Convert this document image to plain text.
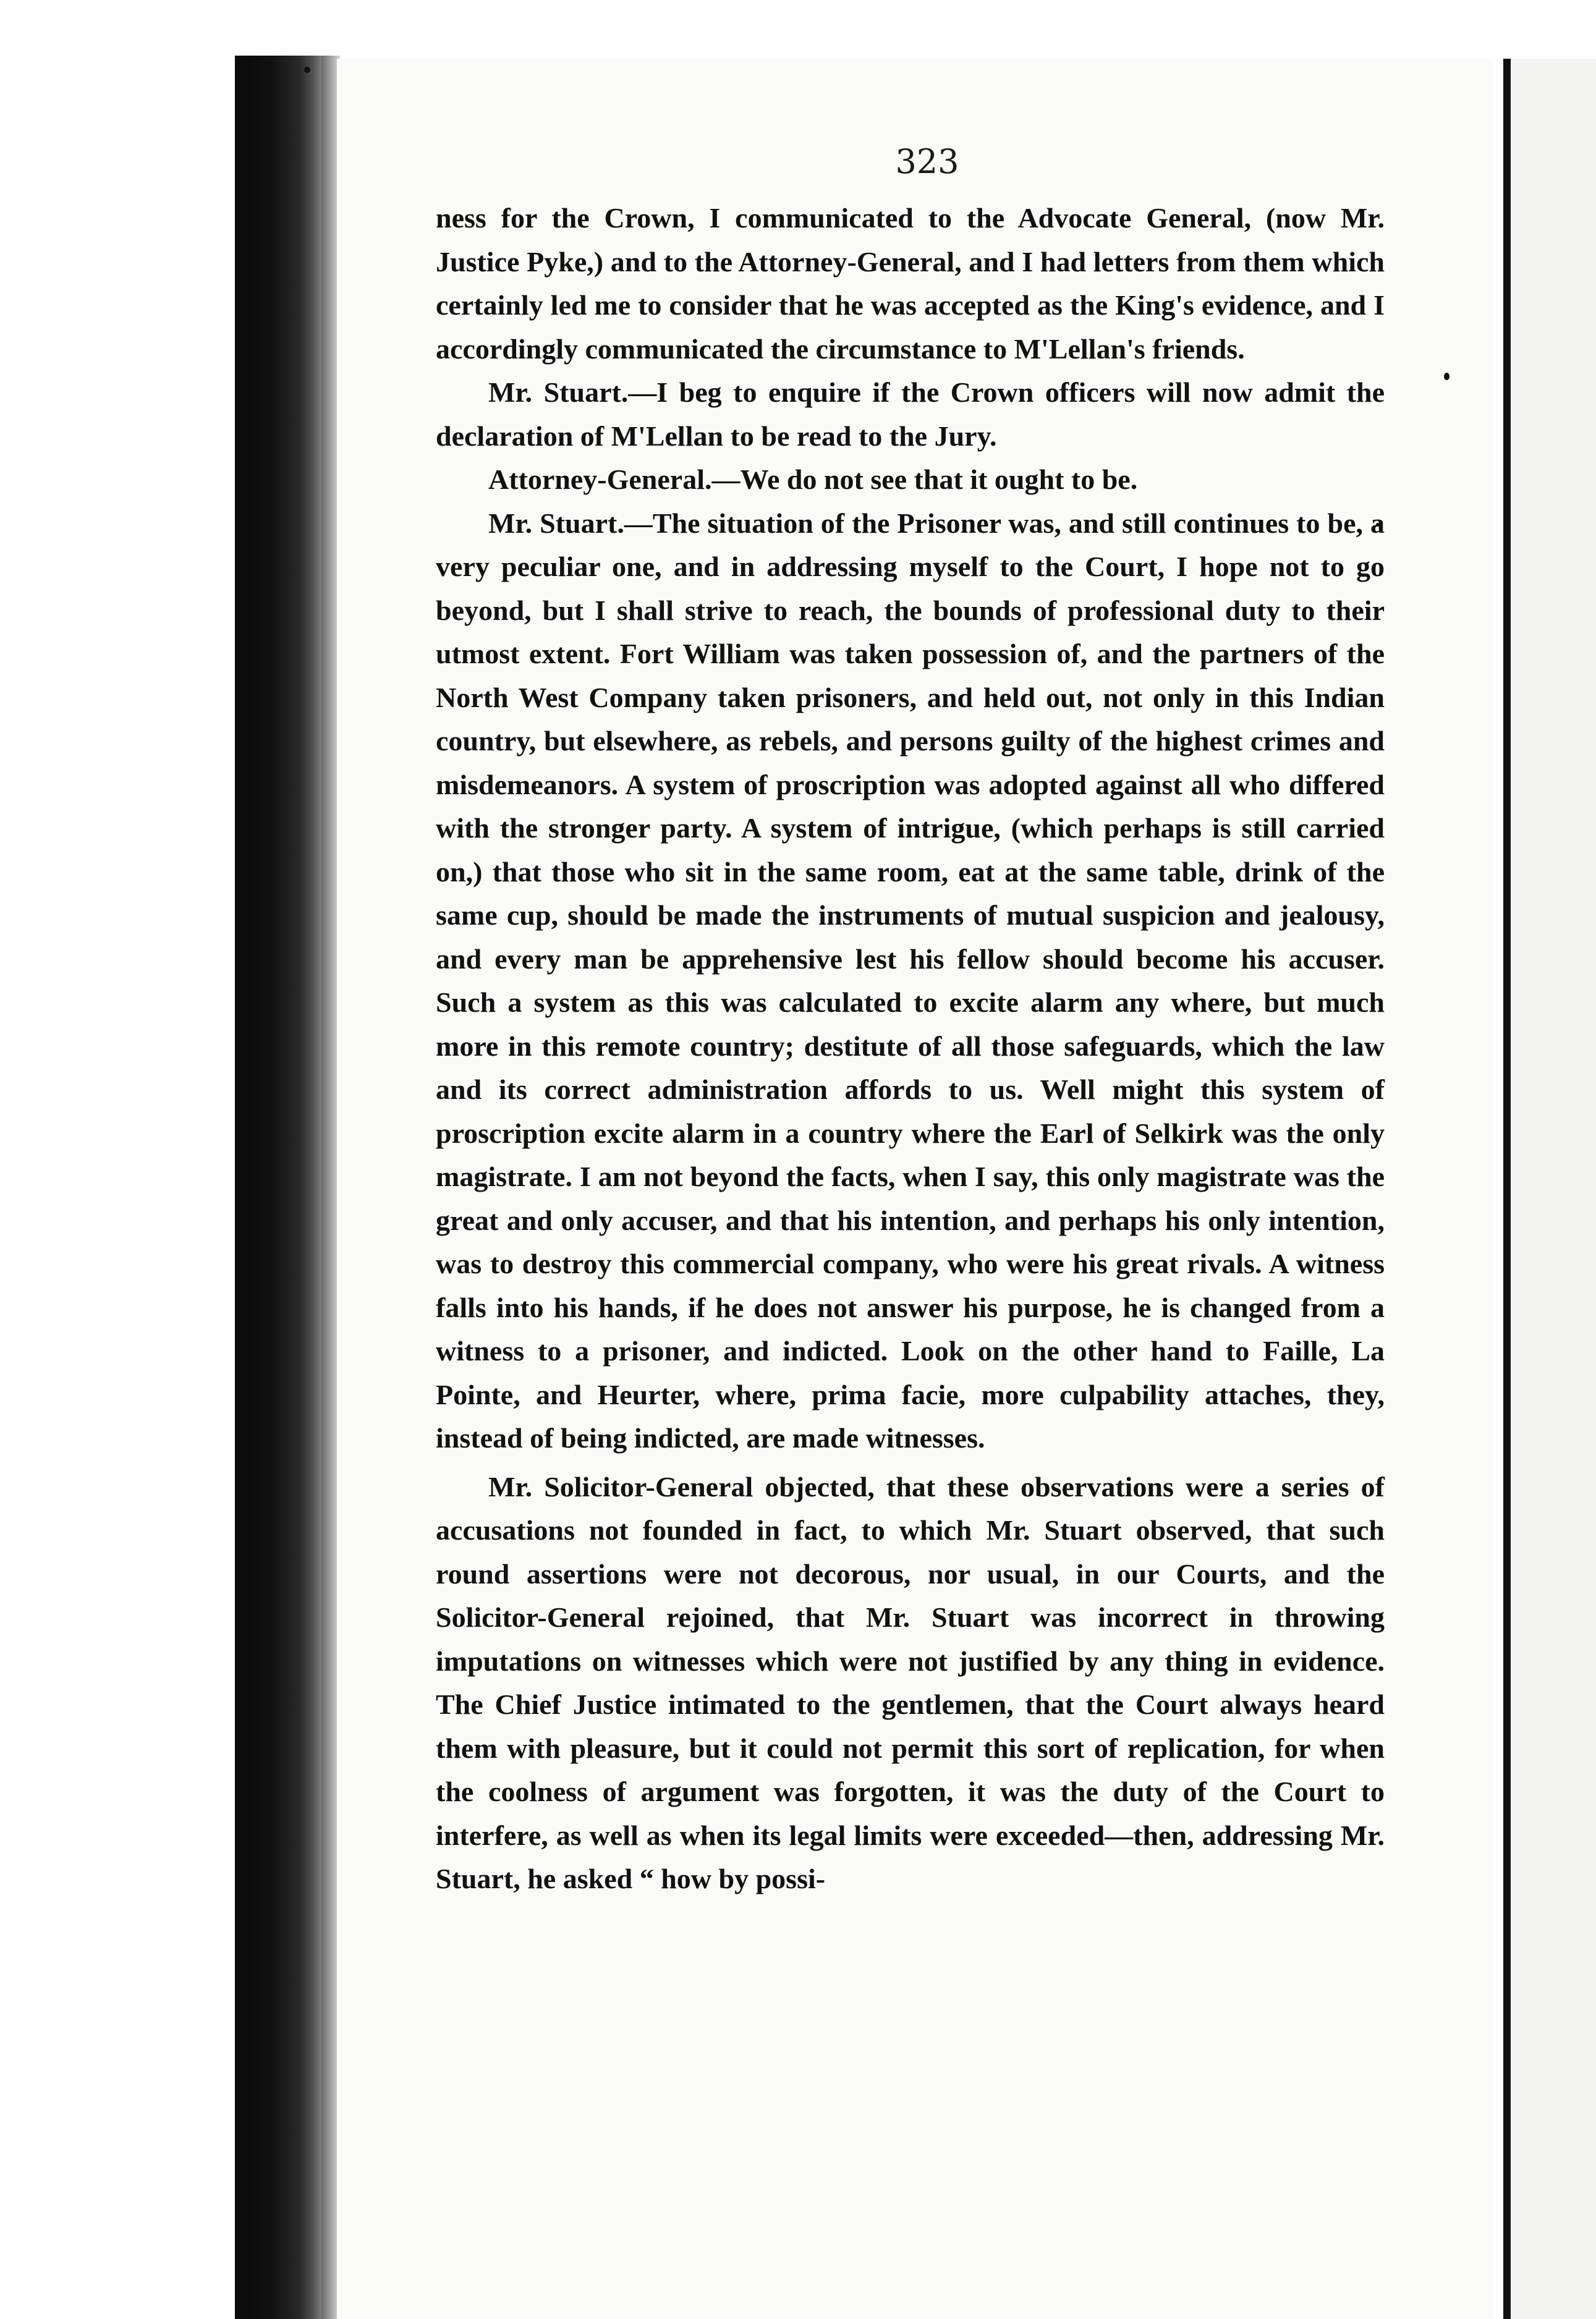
323

ness for the Crown, I communicated to the Advocate General, (now Mr. Justice Pyke,) and to the Attorney-General, and I had letters from them which certainly led me to consider that he was accepted as the King's evidence, and I accordingly communicated the circumstance to M'Lellan's friends.

Mr. Stuart.—I beg to enquire if the Crown officers will now admit the declaration of M'Lellan to be read to the Jury.

Attorney-General.—We do not see that it ought to be.

Mr. Stuart.—The situation of the Prisoner was, and still continues to be, a very peculiar one, and in addressing myself to the Court, I hope not to go beyond, but I shall strive to reach, the bounds of professional duty to their utmost extent. Fort William was taken possession of, and the partners of the North West Company taken prisoners, and held out, not only in this Indian country, but elsewhere, as rebels, and persons guilty of the highest crimes and misdemeanors. A system of proscription was adopted against all who differed with the stronger party. A system of intrigue, (which perhaps is still carried on,) that those who sit in the same room, eat at the same table, drink of the same cup, should be made the instruments of mutual suspicion and jealousy, and every man be apprehensive lest his fellow should become his accuser. Such a system as this was calculated to excite alarm any where, but much more in this remote country; destitute of all those safeguards, which the law and its correct administration affords to us. Well might this system of proscription excite alarm in a country where the Earl of Selkirk was the only magistrate. I am not beyond the facts, when I say, this only magistrate was the great and only accuser, and that his intention, and perhaps his only intention, was to destroy this commercial company, who were his great rivals. A witness falls into his hands, if he does not answer his purpose, he is changed from a witness to a prisoner, and indicted. Look on the other hand to Faille, La Pointe, and Heurter, where, prima facie, more culpability attaches, they, instead of being indicted, are made witnesses.

Mr. Solicitor-General objected, that these observations were a series of accusations not founded in fact, to which Mr. Stuart observed, that such round assertions were not decorous, nor usual, in our Courts, and the Solicitor-General rejoined, that Mr. Stuart was incorrect in throwing imputations on witnesses which were not justified by any thing in evidence. The Chief Justice intimated to the gentlemen, that the Court always heard them with pleasure, but it could not permit this sort of replication, for when the coolness of argument was forgotten, it was the duty of the Court to interfere, as well as when its legal limits were exceeded—then, addressing Mr. Stuart, he asked “ how by possi-
